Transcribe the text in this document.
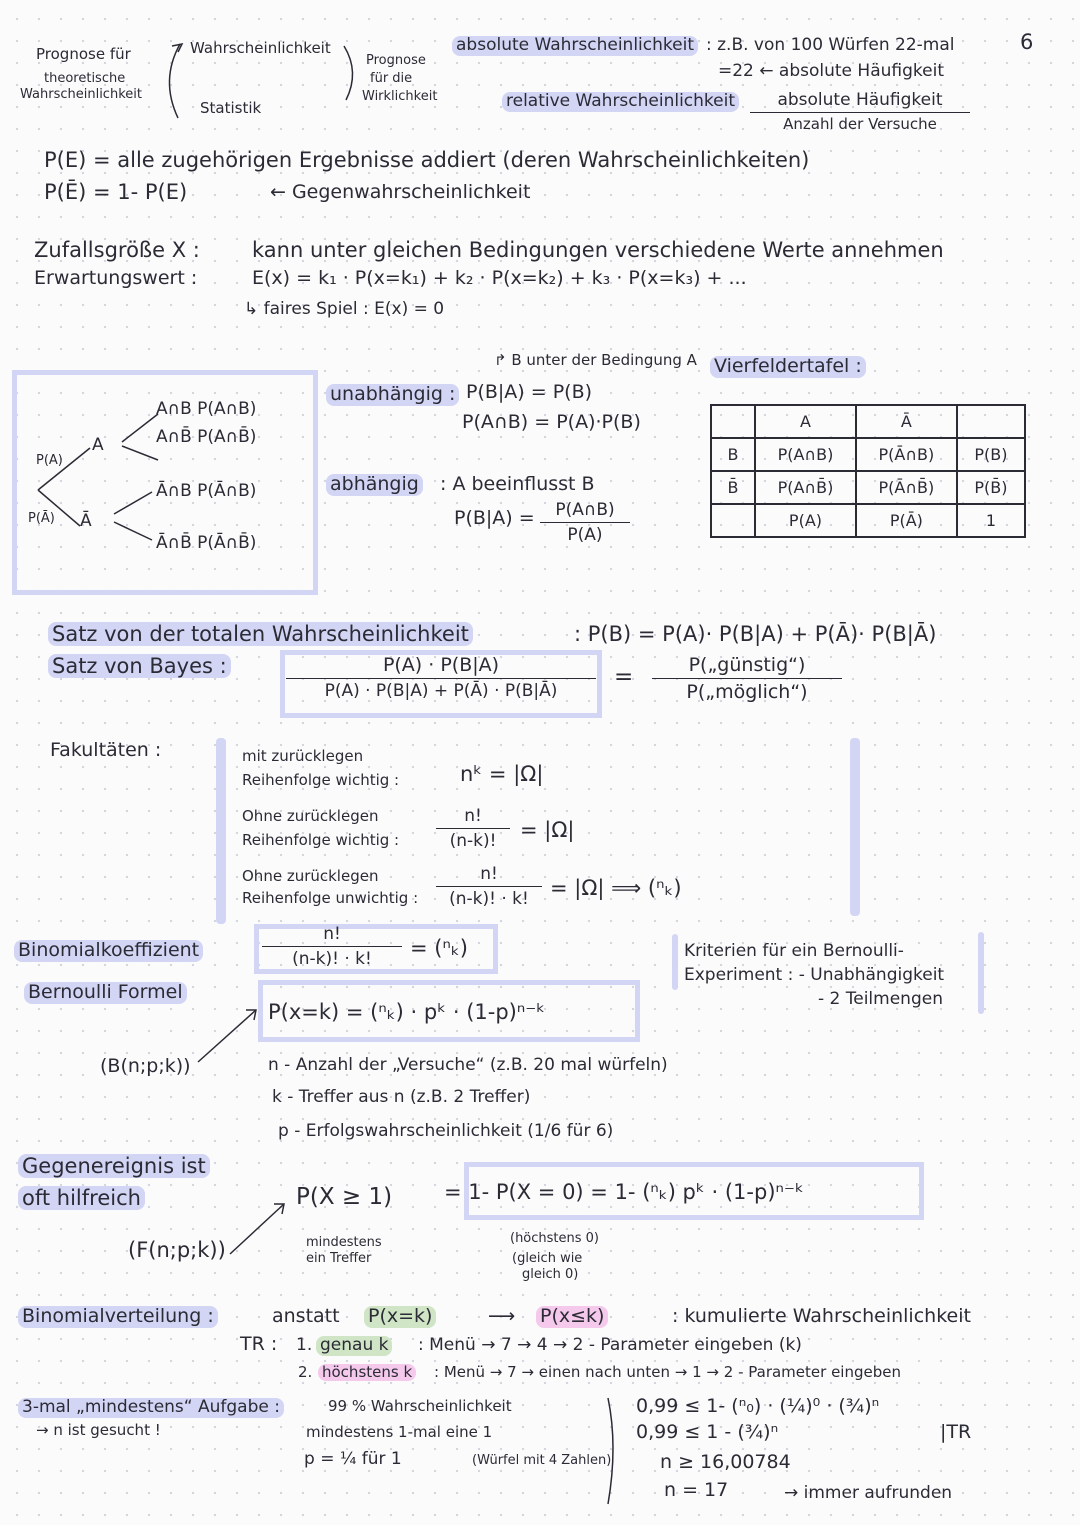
6
Prognose für
theoretische
Wahrscheinlichkeit
Wahrscheinlichkeit
Statistik
Prognose
für die
Wirklichkeit
absolute Wahrscheinlichkeit : z.B. von 100 Würfen 22-mal
=22 ← absolute Häufigkeit
relative Wahrscheinlichkeit	absolute Häufigkeit
Anzahl der Versuche
P(E) = alle zugehörigen Ergebnisse addiert (deren Wahrscheinlichkeiten)
P(Ē) = 1- P(E)	← Gegenwahrscheinlichkeit
Zufallsgröße X : kann unter gleichen Bedingungen verschiedene Werte annehmen
Erwartungswert :	E(x) = k₁ · P(x=k₁) + k₂ · P(x=k₂) + k₃ · P(x=k₃) + ...
↳ faires Spiel : E(x) = 0
P(A)
P(Ā)
A
Ā
A∩B P(A∩B)
A∩B̄ P(A∩B̄)
Ā∩B P(Ā∩B)
Ā∩B̄ P(Ā∩B̄)
↱ B unter der Bedingung A
unabhängig : P(B|A) = P(B)
P(A∩B) = P(A)·P(B)
abhängig : A beeinflusst B
P(B|A) =	P(A∩B)
P(A)
Vierfeldertafel :
	A	Ā	
B	P(A∩B)	P(Ā∩B)	P(B)
B̄	P(A∩B̄)	P(Ā∩B̄)	P(B̄)
	P(A)	P(Ā)	1
Satz von der totalen Wahrscheinlichkeit	: P(B) = P(A)· P(B|A) + P(Ā)· P(B|Ā)
Satz von Bayes :	P(A) · P(B|A)
P(A) · P(B|A) + P(Ā) · P(B|Ā)
=	P(„günstig“)
P(„möglich“)
Fakultäten :	mit zurücklegen
Reihenfolge wichtig :	nᵏ = |Ω|
Ohne zurücklegen
Reihenfolge wichtig :
n!
(n-k)!	= |Ω|
Ohne zurücklegen
Reihenfolge unwichtig :
n!
(n-k)! · k!	= |Ω| ⟹ (ⁿₖ)
Binomialkoeffizient
n!
(n-k)! · k!	= (ⁿₖ)	Kriterien für ein Bernoulli-
Experiment : - Unabhängigkeit
- 2 Teilmengen
Bernoulli Formel
P(x=k) = (ⁿₖ) · pᵏ · (1-p)ⁿ⁻ᵏ
(B(n;p;k))	n - Anzahl der „Versuche“ (z.B. 20 mal würfeln)
k - Treffer aus n (z.B. 2 Treffer)
p - Erfolgswahrscheinlichkeit (1/6 für 6)
Gegenereignis ist
oft hilfreich
(F(n;p;k))
P(X ≥ 1) = 1- P(X = 0) = 1- (ⁿₖ) pᵏ · (1-p)ⁿ⁻ᵏ
mindestens
ein Treffer
(höchstens 0)
(gleich wie
gleich 0)
Binomialverteilung :	anstatt P(x=k)	⟶ P(x≤k)	: kumulierte Wahrscheinlichkeit
TR : 1. genau k : Menü → 7 → 4 → 2 - Parameter eingeben (k)
2. höchstens k : Menü → 7 → einen nach unten → 1 → 2 - Parameter eingeben
3-mal „mindestens“ Aufgabe :
→ n ist gesucht !
99 % Wahrscheinlichkeit
mindestens 1-mal eine 1
p = ¼ für 1	(Würfel mit 4 Zahlen)
0,99 ≤ 1- (ⁿ₀) · (¼)⁰ · (¾)ⁿ
0,99 ≤ 1 - (¾)ⁿ	|TR
n ≥ 16,00784
n = 17	→ immer aufrunden
